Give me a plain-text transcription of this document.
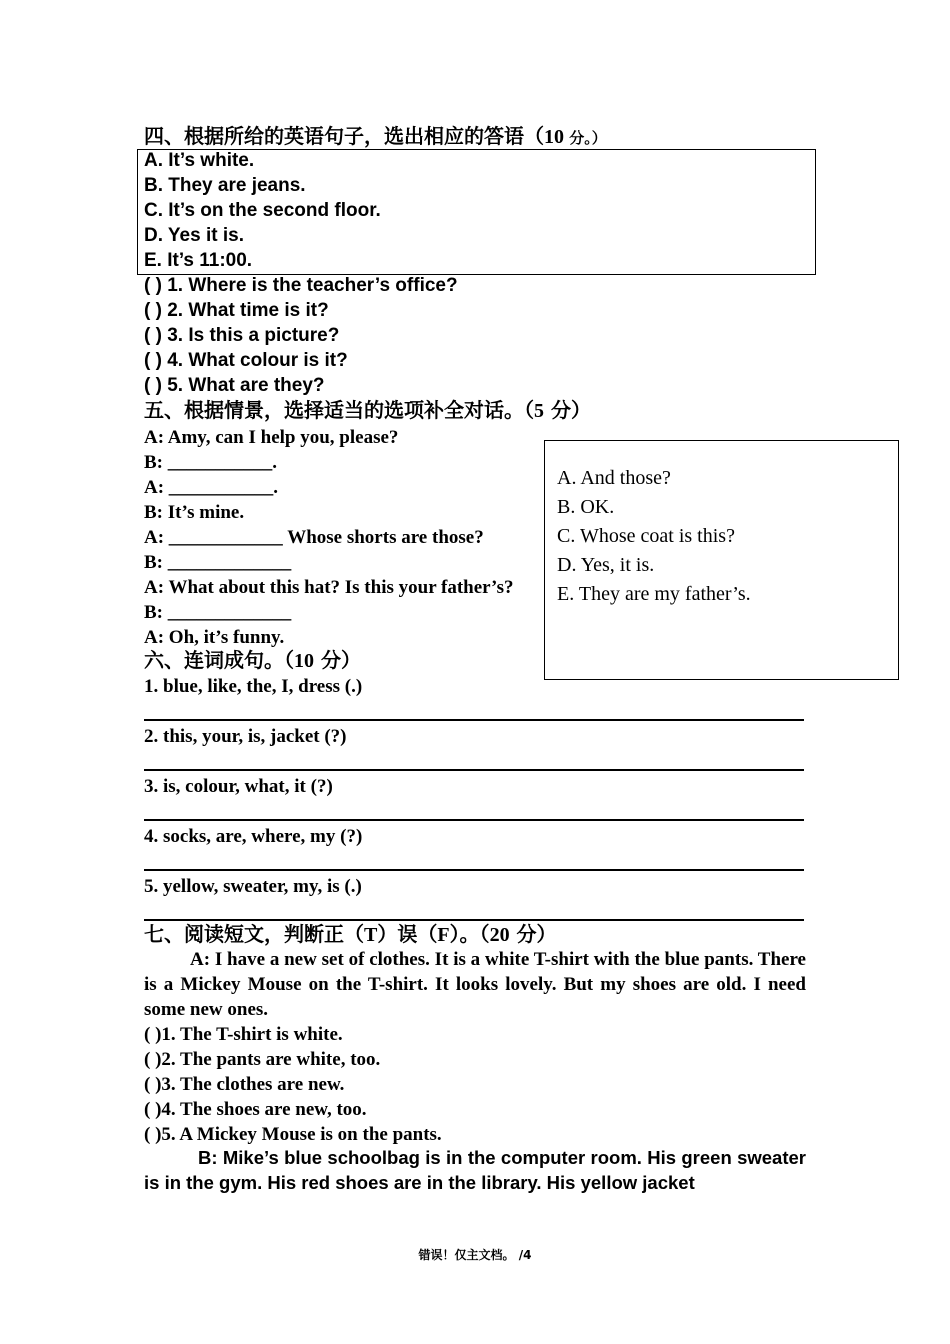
四、根据所给的英语句子，选出相应的答语（10 分。）
A. It’s white.
B. They are jeans.
C. It’s on the second floor.
D. Yes it is.
E. It’s 11:00.
( ) 1. Where is the teacher’s office?
( ) 2. What time is it?
( ) 3. Is this a picture?
( ) 4. What colour is it?
( ) 5. What are they?
五、根据情景，选择适当的选项补全对话。（5 分）
A: Amy, can I help you, please?
B: ___________.
A: ___________.
B: It’s mine.
A: ____________ Whose shorts are those?
B: _____________
A: What about this hat? Is this your father’s?
B: _____________
A: Oh, it’s funny.
A. And those?
B. OK.
C. Whose coat is this?
D. Yes, it is.
E. They are my father’s.
六、连词成句。（10 分）
1. blue, like, the, I, dress (.)
2. this, your, is, jacket (?)
3. is, colour, what, it (?)
4. socks, are, where, my (?)
5. yellow, sweater, my, is (.)
七、阅读短文，判断正（T）误（F）。（20 分）
A: I have a new set of clothes. It is a white T-shirt with the blue pants. There is a Mickey Mouse on the T-shirt. It looks lovely. But my shoes are old. I need some new ones.
( )1. The T-shirt is white.
( )2. The pants are white, too.
( )3. The clothes are new.
( )4. The shoes are new, too.
( )5. A Mickey Mouse is on the pants.
B: Mike’s blue schoolbag is in the computer room. His green sweater is in the gym. His red shoes are in the library. His yellow jacket
错误！仅主文档。 /4
